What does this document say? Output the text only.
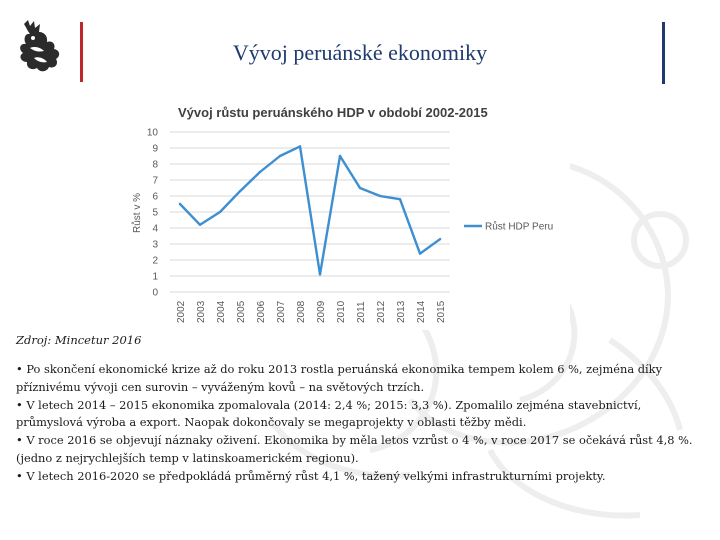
Vývoj peruánské ekonomiky
Vývoj růstu peruánského HDP v období 2002-2015
Růst v %
0
1
2
3
4
5
6
7
8
9
10
2002 2003 2004 2005 2006 2007 2008 2009 2010 2011 2012 2013 2014 2015
Růst HDP Peru
Zdroj: Mincetur 2016
• Po skončení ekonomické krize až do roku 2013 rostla peruánská ekonomika tempem kolem 6 %, zejména díky příznivému vývoji cen surovin – vyváženým kovů – na světových trzích.
• V letech 2014 – 2015 ekonomika zpomalovala (2014: 2,4 %; 2015: 3,3 %). Zpomalilo zejména stavebnictví, průmyslová výroba a export. Naopak dokončovaly se megaprojekty v oblasti těžby mědi.
• V roce 2016 se objevují náznaky oživení. Ekonomika by měla letos vzrůst o 4 %, v roce 2017 se očekává růst 4,8 %. (jedno z nejrychlejších temp v latinskoamerickém regionu).
• V letech 2016-2020 se předpokládá průměrný růst 4,1 %, tažený velkými infrastrukturními projekty.
